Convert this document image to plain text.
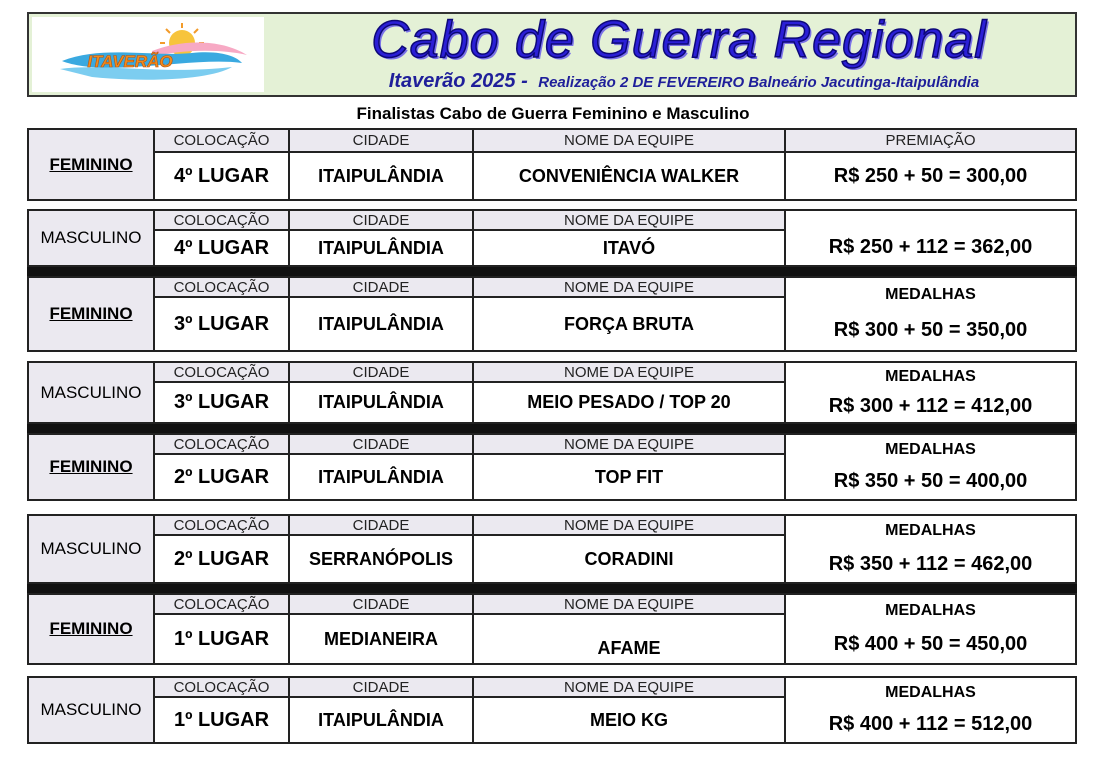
ITAVERÃO	Cabo de Guerra Regional
Itaverão 2025 - Realização 2 DE FEVEREIRO Balneário Jacutinga-Itaipulândia
Finalistas Cabo de Guerra Feminino e Masculino
FEMININO
COLOCAÇÃO
4º LUGAR
CIDADE
ITAIPULÂNDIA
NOME DA EQUIPE
CONVENIÊNCIA WALKER
PREMIAÇÃO
R$ 250 + 50 = 300,00
MASCULINO
COLOCAÇÃO
4º LUGAR
CIDADE
ITAIPULÂNDIA
NOME DA EQUIPE
ITAVÓ	R$ 250 + 112 = 362,00
FEMININO
COLOCAÇÃO
3º LUGAR
CIDADE
ITAIPULÂNDIA
NOME DA EQUIPE
FORÇA BRUTA
MEDALHAS
R$ 300 + 50 = 350,00
MASCULINO
COLOCAÇÃO
3º LUGAR
CIDADE
ITAIPULÂNDIA
NOME DA EQUIPE
MEIO PESADO / TOP 20
MEDALHAS
R$ 300 + 112 = 412,00
FEMININO
COLOCAÇÃO
2º LUGAR
CIDADE
ITAIPULÂNDIA
NOME DA EQUIPE
TOP FIT
MEDALHAS
R$ 350 + 50 = 400,00
MASCULINO
COLOCAÇÃO
2º LUGAR
CIDADE
SERRANÓPOLIS
NOME DA EQUIPE
CORADINI
MEDALHAS
R$ 350 + 112 = 462,00
FEMININO
COLOCAÇÃO
1º LUGAR
CIDADE
MEDIANEIRA
NOME DA EQUIPE
AFAME
MEDALHAS
R$ 400 + 50 = 450,00
MASCULINO
COLOCAÇÃO
1º LUGAR
CIDADE
ITAIPULÂNDIA
NOME DA EQUIPE
MEIO KG
MEDALHAS
R$ 400 + 112 = 512,00
